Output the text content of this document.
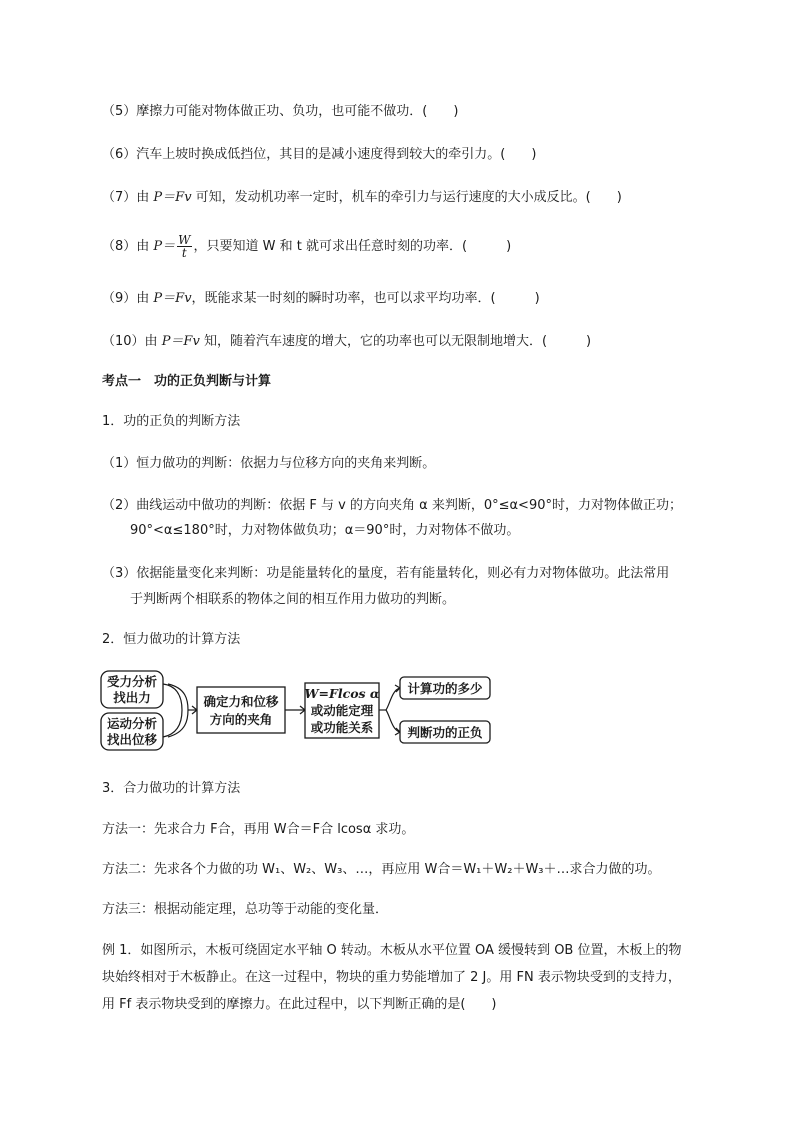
（5）摩擦力可能对物体做正功、负功，也可能不做功．(　　)
（6）汽车上坡时换成低挡位，其目的是减小速度得到较大的牵引力。(　　)
（7）由 P＝Fv 可知，发动机功率一定时，机车的牵引力与运行速度的大小成反比。(　　)
（8）由 $P= \frac{W}{t}$ ，只要知道 W 和 t 就可求出任意时刻的功率．(　　　)
（9）由 P＝Fv，既能求某一时刻的瞬时功率，也可以求平均功率．(　　　)
（10）由 P＝Fv 知，随着汽车速度的增大，它的功率也可以无限制地增大．(　　　)
考点一　功的正负判断与计算
1．功的正负的判断方法
（1）恒力做功的判断：依据力与位移方向的夹角来判断。
（2）曲线运动中做功的判断：依据 F 与 v 的方向夹角 α 来判断，0°≤α<90°时，力对物体做正功；
90°<α≤180°时，力对物体做负功；α＝90°时，力对物体不做功。
（3）依据能量变化来判断：功是能量转化的量度，若有能量转化，则必有力对物体做功。此法常用
于判断两个相联系的物体之间的相互作用力做功的判断。
2．恒力做功的计算方法
受力分析
找出力
运动分析
找出位移
确定力和位移
方向的夹角
W=Flcos α
或动能定理
或功能关系
计算功的多少
判断功的正负
3．合力做功的计算方法
方法一：先求合力 F合，再用 W合＝F合 lcosα 求功。
方法二：先求各个力做的功 W₁、W₂、W₃、…，再应用 W合＝W₁＋W₂＋W₃＋…求合力做的功。
方法三：根据动能定理，总功等于动能的变化量．
例 1．如图所示，木板可绕固定水平轴 O 转动。木板从水平位置 OA 缓慢转到 OB 位置，木板上的物
块始终相对于木板静止。在这一过程中，物块的重力势能增加了 2 J。用 FN 表示物块受到的支持力，
用 Ff 表示物块受到的摩擦力。在此过程中，以下判断正确的是(　　)
